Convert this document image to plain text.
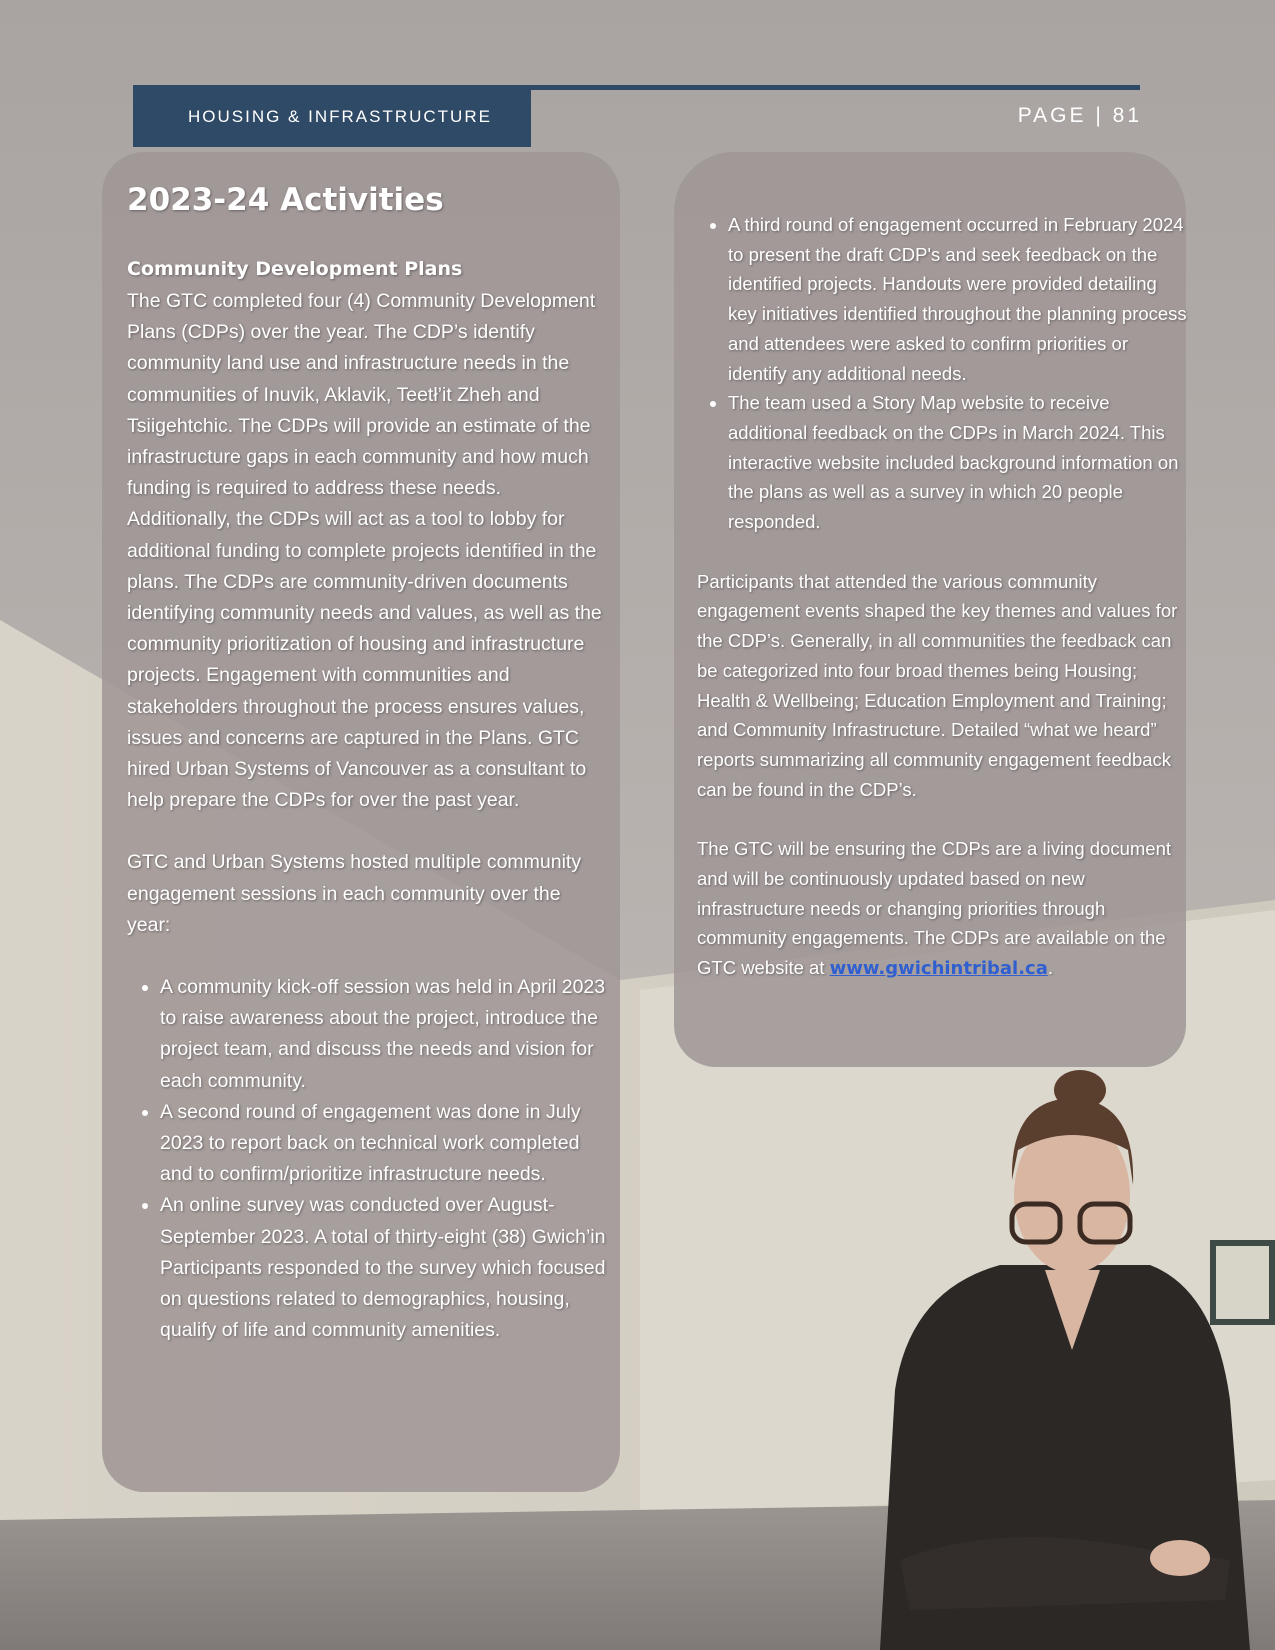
HOUSING & INFRASTRUCTURE	PAGE | 81
2023-24 Activities
Community Development Plans

The GTC completed four (4) Community Development Plans (CDPs) over the year. The CDP’s identify community land use and infrastructure needs in the communities of Inuvik, Aklavik, Teetł’it Zheh and Tsiigehtchic. The CDPs will provide an estimate of the infrastructure gaps in each community and how much funding is required to address these needs. Additionally, the CDPs will act as a tool to lobby for additional funding to complete projects identified in the plans. The CDPs are community-driven documents identifying community needs and values, as well as the community prioritization of housing and infrastructure projects. Engagement with communities and stakeholders throughout the process ensures values, issues and concerns are captured in the Plans. GTC hired Urban Systems of Vancouver as a consultant to help prepare the CDPs for over the past year.

GTC and Urban Systems hosted multiple community engagement sessions in each community over the year:

• A community kick-off session was held in April 2023 to raise awareness about the project, introduce the project team, and discuss the needs and vision for each community.
• A second round of engagement was done in July 2023 to report back on technical work completed and to confirm/prioritize infrastructure needs.
• An online survey was conducted over August-September 2023. A total of thirty-eight (38) Gwich’in Participants responded to the survey which focused on questions related to demographics, housing, qualify of life and community amenities.
• A third round of engagement occurred in February 2024 to present the draft CDP's and seek feedback on the identified projects. Handouts were provided detailing key initiatives identified throughout the planning process and attendees were asked to confirm priorities or identify any additional needs.
• The team used a Story Map website to receive additional feedback on the CDPs in March 2024. This interactive website included background information on the plans as well as a survey in which 20 people responded.

Participants that attended the various community engagement events shaped the key themes and values for the CDP’s. Generally, in all communities the feedback can be categorized into four broad themes being Housing; Health & Wellbeing; Education Employment and Training; and Community Infrastructure. Detailed “what we heard” reports summarizing all community engagement feedback can be found in the CDP’s.

The GTC will be ensuring the CDPs are a living document and will be continuously updated based on new infrastructure needs or changing priorities through community engagements. The CDPs are available on the GTC website at www.gwichintribal.ca.
